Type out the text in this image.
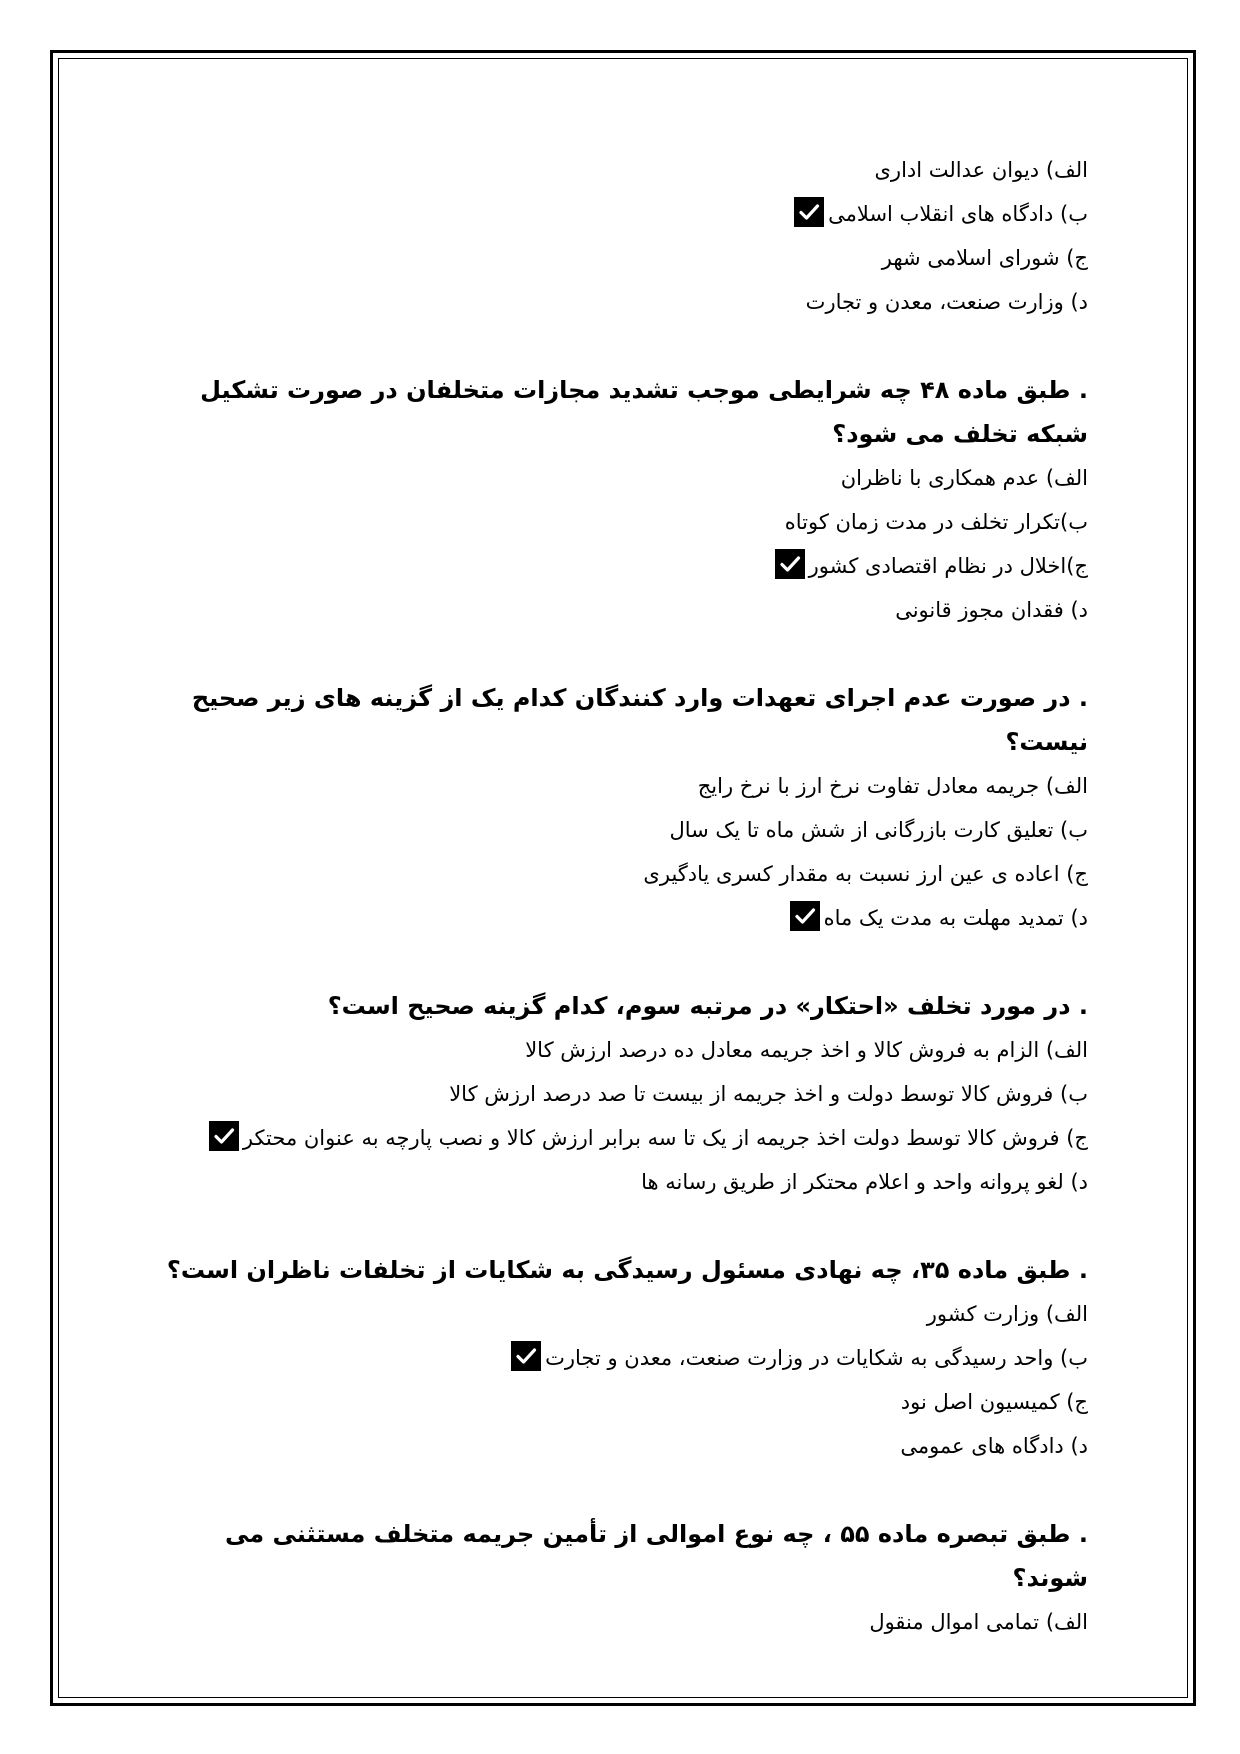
الف) دیوان عدالت اداری

ب) دادگاه های انقلاب اسلامی

ج) شورای اسلامی شهر

د) وزارت صنعت، معدن و تجارت

. طبق ماده ۴۸ چه شرایطی موجب تشدید مجازات متخلفان در صورت تشکیل شبکه تخلف می شود؟

الف) عدم همکاری با ناظران

ب)تکرار تخلف در مدت زمان کوتاه

ج)اخلال در نظام اقتصادی کشور

د) فقدان مجوز قانونی

. در صورت عدم اجرای تعهدات وارد کنندگان کدام یک از گزینه های زیر صحیح نیست؟

الف) جریمه معادل تفاوت نرخ ارز با نرخ رایج

ب) تعلیق کارت بازرگانی از شش ماه تا یک سال

ج) اعاده ی عین ارز نسبت به مقدار کسری یادگیری

د) تمدید مهلت به مدت یک ماه

. در مورد تخلف «احتکار» در مرتبه سوم، کدام گزینه صحیح است؟

الف) الزام به فروش کالا و اخذ جریمه معادل ده درصد ارزش کالا

ب) فروش کالا توسط دولت و اخذ جریمه از بیست تا صد درصد ارزش کالا

ج) فروش کالا توسط دولت اخذ جریمه از یک تا سه برابر ارزش کالا و نصب پارچه به عنوان محتکر

د) لغو پروانه واحد و اعلام محتکر از طریق رسانه ها

. طبق ماده ۳۵، چه نهادی مسئول رسیدگی به شکایات از تخلفات ناظران است؟

الف) وزارت کشور

ب) واحد رسیدگی به شکایات در وزارت صنعت، معدن و تجارت

ج) کمیسیون اصل نود

د) دادگاه های عمومی

. طبق تبصره ماده ۵۵ ، چه نوع اموالی از تأمین جریمه متخلف مستثنی می شوند؟

الف) تمامی اموال منقول
